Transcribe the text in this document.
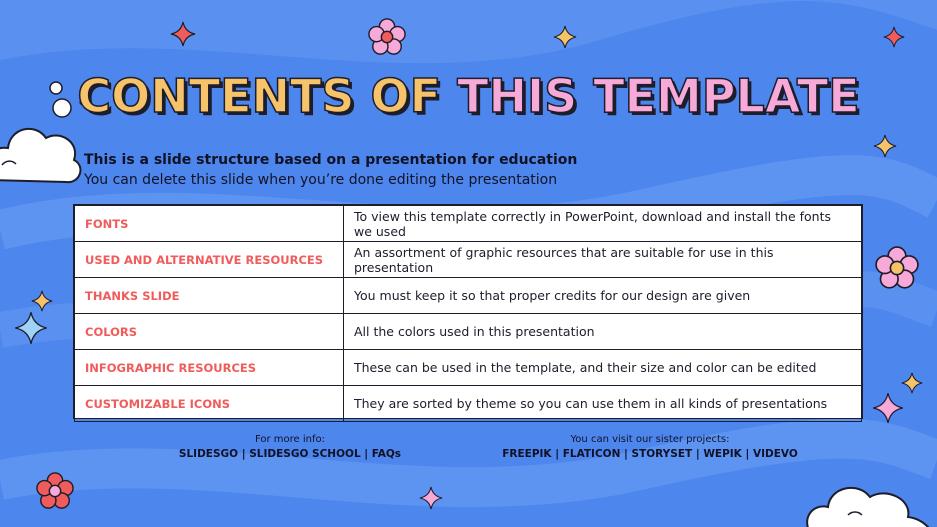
CONTENTS OF THIS TEMPLATE
This is a slide structure based on a presentation for education
You can delete this slide when you’re done editing the presentation
FONTS	To view this template correctly in PowerPoint, download and install the fonts we used
USED AND ALTERNATIVE RESOURCES	An assortment of graphic resources that are suitable for use in this presentation
THANKS SLIDE	You must keep it so that proper credits for our design are given
COLORS	All the colors used in this presentation
INFOGRAPHIC RESOURCES	These can be used in the template, and their size and color can be edited
CUSTOMIZABLE ICONS	They are sorted by theme so you can use them in all kinds of presentations
For more info:
SLIDESGO | SLIDESGO SCHOOL | FAQs
You can visit our sister projects:
FREEPIK | FLATICON | STORYSET | WEPIK | VIDEVO
